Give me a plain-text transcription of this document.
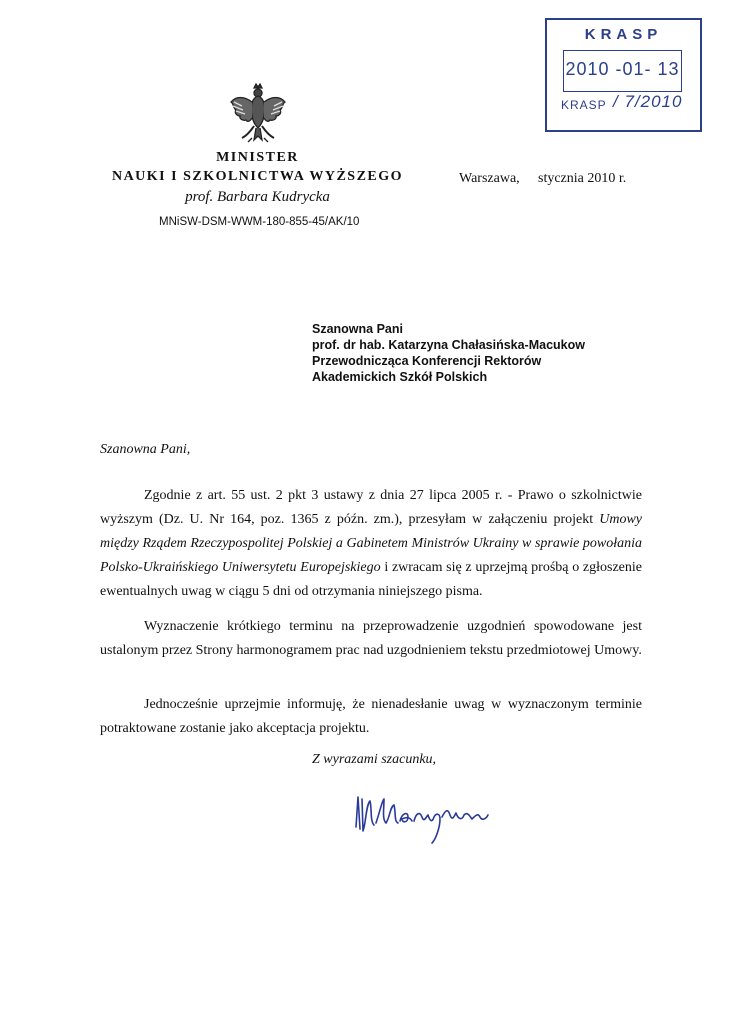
KRASP
2010 -01- 13
KRASP / 7/2010
MINISTER
NAUKI I SZKOLNICTWA WYŻSZEGO
prof. Barbara Kudrycka
Warszawa, stycznia 2010 r.
MNiSW-DSM-WWM-180-855-45/AK/10
Szanowna Pani
prof. dr hab. Katarzyna Chałasińska-Macukow
Przewodnicząca Konferencji Rektorów
Akademickich Szkół Polskich
Szanowna Pani,
Zgodnie z art. 55 ust. 2 pkt 3 ustawy z dnia 27 lipca 2005 r. - Prawo o szkolnictwie wyższym (Dz. U. Nr 164, poz. 1365 z późn. zm.), przesyłam w załączeniu projekt Umowy między Rządem Rzeczypospolitej Polskiej a Gabinetem Ministrów Ukrainy w sprawie powołania Polsko-Ukraińskiego Uniwersytetu Europejskiego i zwracam się z uprzejmą prośbą o zgłoszenie ewentualnych uwag w ciągu 5 dni od otrzymania niniejszego pisma.
Wyznaczenie krótkiego terminu na przeprowadzenie uzgodnień spowodowane jest ustalonym przez Strony harmonogramem prac nad uzgodnieniem tekstu przedmiotowej Umowy.
Jednocześnie uprzejmie informuję, że nienadesłanie uwag w wyznaczonym terminie potraktowane zostanie jako akceptacja projektu.
Z wyrazami szacunku,
